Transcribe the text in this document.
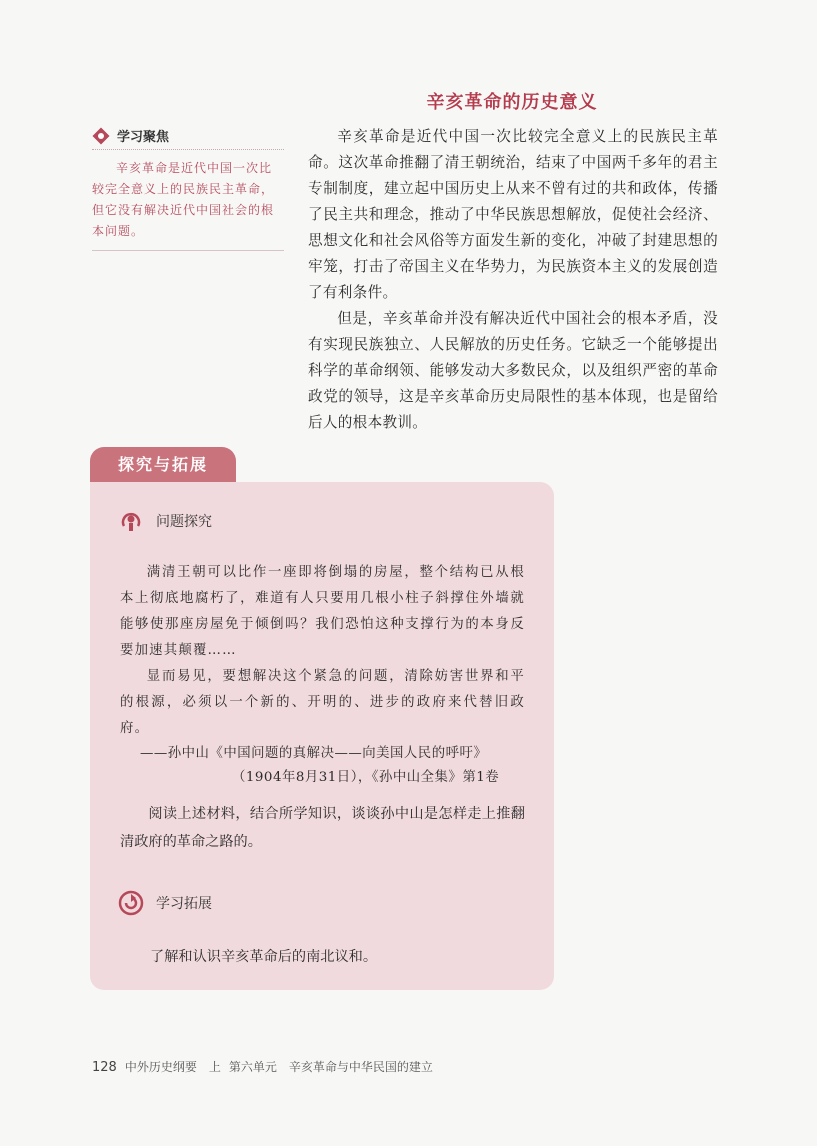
辛亥革命的历史意义
学习聚焦
辛亥革命是近代中国一次比较完全意义上的民族民主革命，但它没有解决近代中国社会的根本问题。

辛亥革命是近代中国一次比较完全意义上的民族民主革命。这次革命推翻了清王朝统治，结束了中国两千多年的君主专制制度，建立起中国历史上从来不曾有过的共和政体，传播了民主共和理念，推动了中华民族思想解放，促使社会经济、思想文化和社会风俗等方面发生新的变化，冲破了封建思想的牢笼，打击了帝国主义在华势力，为民族资本主义的发展创造了有利条件。

但是，辛亥革命并没有解决近代中国社会的根本矛盾，没有实现民族独立、人民解放的历史任务。它缺乏一个能够提出科学的革命纲领、能够发动大多数民众，以及组织严密的革命政党的领导，这是辛亥革命历史局限性的基本体现，也是留给后人的根本教训。

探究与拓展
问题探究

满清王朝可以比作一座即将倒塌的房屋，整个结构已从根本上彻底地腐朽了，难道有人只要用几根小柱子斜撑住外墙就能够使那座房屋免于倾倒吗？我们恐怕这种支撑行为的本身反要加速其颠覆……

显而易见，要想解决这个紧急的问题，清除妨害世界和平的根源，必须以一个新的、开明的、进步的政府来代替旧政府。

——孙中山《中国问题的真解决——向美国人民的呼吁》
（1904年8月31日），《孙中山全集》第1卷
阅读上述材料，结合所学知识，谈谈孙中山是怎样走上推翻清政府的革命之路的。
学习拓展
了解和认识辛亥革命后的南北议和。
128 中外历史纲要　上 第六单元　辛亥革命与中华民国的建立
